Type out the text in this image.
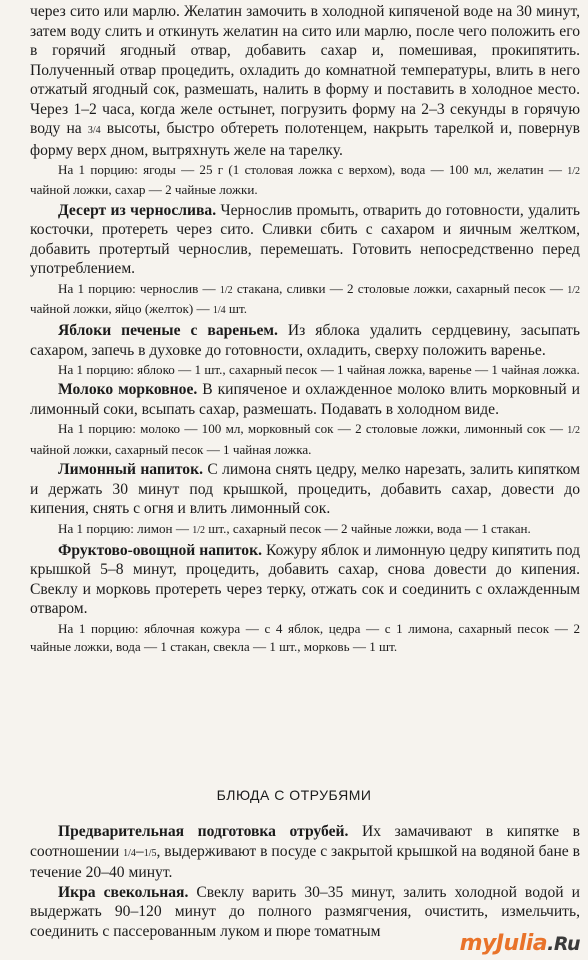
через сито или марлю. Желатин замочить в холодной кипяченой воде на 30 минут, затем воду слить и откинуть желатин на сито или марлю, после чего положить его в горячий ягодный отвар, добавить сахар и, помешивая, прокипятить. Полученный отвар процедить, охладить до комнатной температуры, влить в него отжатый ягодный сок, размешать, налить в форму и поставить в холодное место. Через 1–2 часа, когда желе остынет, погрузить форму на 2–3 секунды в горячую воду на 3/4 высоты, быстро обтереть полотенцем, накрыть тарелкой и, повернув форму верх дном, вытряхнуть желе на тарелку.

На 1 порцию: ягоды — 25 г (1 столовая ложка с верхом), вода — 100 мл, желатин — 1/2 чайной ложки, сахар — 2 чайные ложки.

Десерт из чернослива. Чернослив промыть, отварить до готовности, удалить косточки, протереть через сито. Сливки сбить с сахаром и яичным желтком, добавить протертый чернослив, перемешать. Готовить непосредственно перед употреблением.

На 1 порцию: чернослив — 1/2 стакана, сливки — 2 столовые ложки, сахарный песок — 1/2 чайной ложки, яйцо (желток) — 1/4 шт.

Яблоки печеные с вареньем. Из яблока удалить сердцевину, засыпать сахаром, запечь в духовке до готовности, охладить, сверху положить варенье.

На 1 порцию: яблоко — 1 шт., сахарный песок — 1 чайная ложка, варенье — 1 чайная ложка.

Молоко морковное. В кипяченое и охлажденное молоко влить морковный и лимонный соки, всыпать сахар, размешать. Подавать в холодном виде.

На 1 порцию: молоко — 100 мл, морковный сок — 2 столовые ложки, лимонный сок — 1/2 чайной ложки, сахарный песок — 1 чайная ложка.

Лимонный напиток. С лимона снять цедру, мелко нарезать, залить кипятком и держать 30 минут под крышкой, процедить, добавить сахар, довести до кипения, снять с огня и влить лимонный сок.

На 1 порцию: лимон — 1/2 шт., сахарный песок — 2 чайные ложки, вода — 1 стакан.

Фруктово-овощной напиток. Кожуру яблок и лимонную цедру кипятить под крышкой 5–8 минут, процедить, добавить сахар, снова довести до кипения. Свеклу и морковь протереть через терку, отжать сок и соединить с охлажденным отваром.

На 1 порцию: яблочная кожура — с 4 яблок, цедра — с 1 лимона, сахарный песок — 2 чайные ложки, вода — 1 стакан, свекла — 1 шт., морковь — 1 шт.

БЛЮДА С ОТРУБЯМИ

Предварительная подготовка отрубей. Их замачивают в кипятке в соотношении 1/4–1/5, выдерживают в посуде с закрытой крышкой на водяной бане в течение 20–40 минут.

Икра свекольная. Свеклу варить 30–35 минут, залить холодной водой и выдержать 90–120 минут до полного размягчения, очистить, измельчить, соединить с пассерованным луком и пюре томатным	myJulia.Ru
